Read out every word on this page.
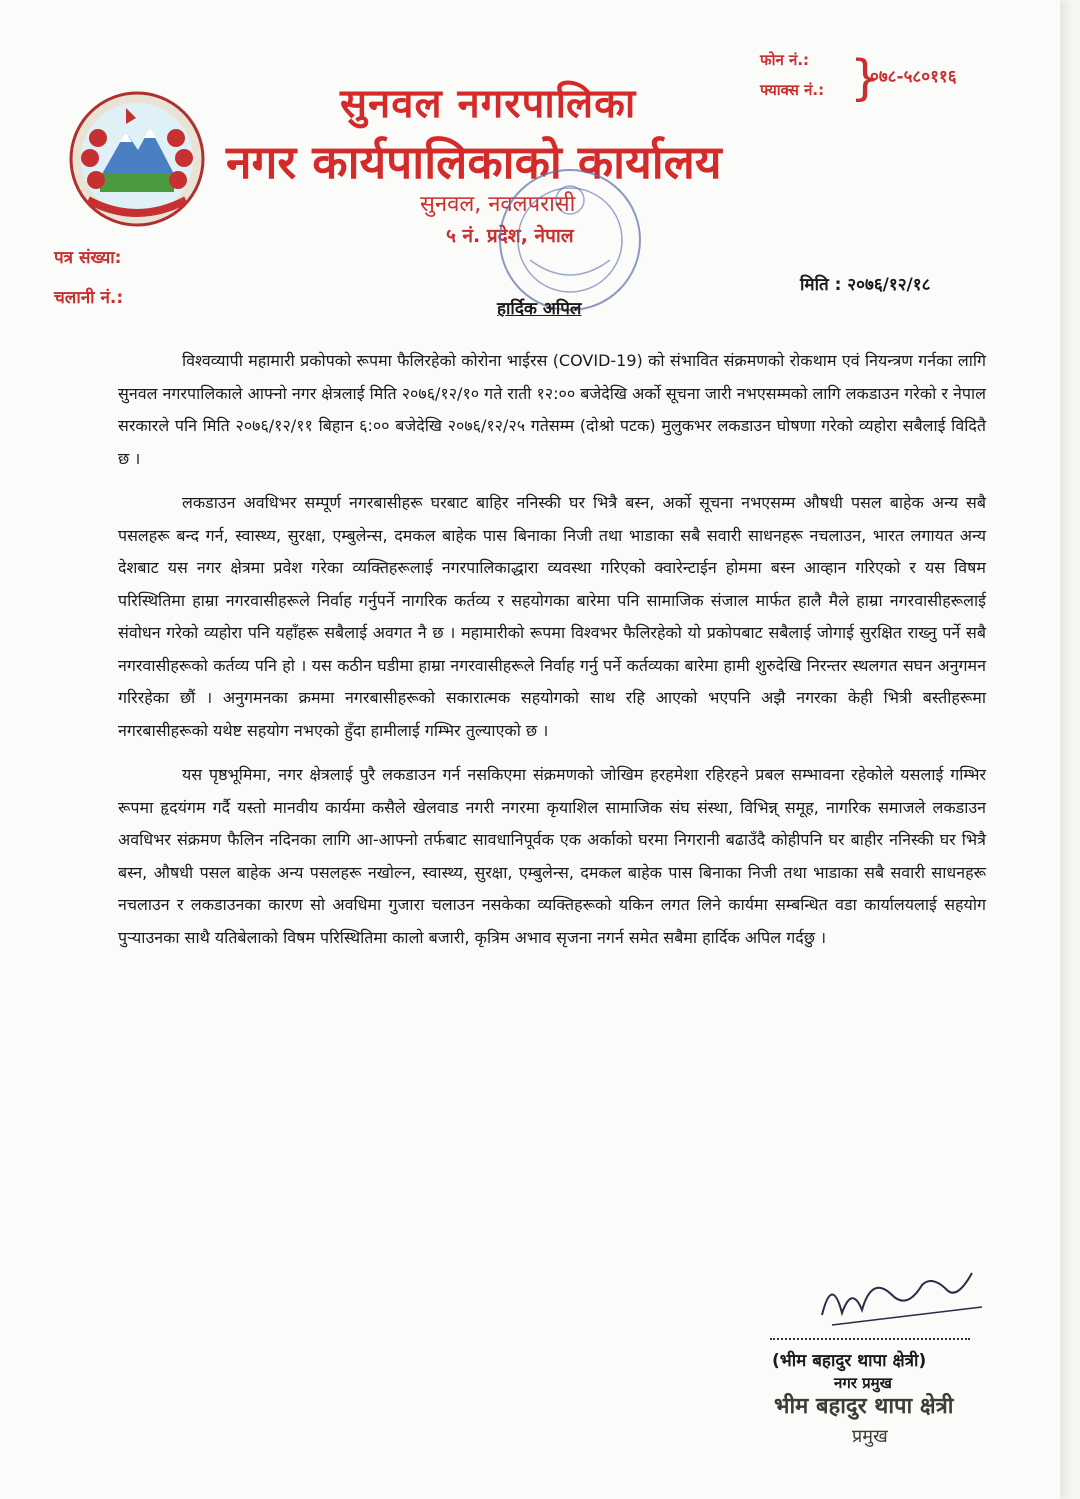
सुनवल नगरपालिका
नगर कार्यपालिकाको कार्यालय
सुनवल, नवलपरासी
५ नं. प्रदेश, नेपाल
फोन नं.:
फ्याक्स नं.: }
०७८-५८०११६
पत्र संख्या:
चलानी नं.:
मिति : २०७६/१२/१८
हार्दिक अपिल

विश्वव्यापी महामारी प्रकोपको रूपमा फैलिरहेको कोरोना भाईरस (COVID-19) को संभावित संक्रमणको रोकथाम एवं नियन्त्रण गर्नका लागि सुनवल नगरपालिकाले आफ्नो नगर क्षेत्रलाई मिति २०७६/१२/१० गते राती १२:०० बजेदेखि अर्को सूचना जारी नभएसम्मको लागि लकडाउन गरेको र नेपाल सरकारले पनि मिति २०७६/१२/११ बिहान ६:०० बजेदेखि २०७६/१२/२५ गतेसम्म (दोश्रो पटक) मुलुकभर लकडाउन घोषणा गरेको व्यहोरा सबैलाई विदितै छ ।

लकडाउन अवधिभर सम्पूर्ण नगरबासीहरू घरबाट बाहिर ननिस्की घर भित्रै बस्न, अर्को सूचना नभएसम्म औषधी पसल बाहेक अन्य सबै पसलहरू बन्द गर्न, स्वास्थ्य, सुरक्षा, एम्बुलेन्स, दमकल बाहेक पास बिनाका निजी तथा भाडाका सबै सवारी साधनहरू नचलाउन, भारत लगायत अन्य देशबाट यस नगर क्षेत्रमा प्रवेश गरेका व्यक्तिहरूलाई नगरपालिकाद्धारा व्यवस्था गरिएको क्वारेन्टाईन होममा बस्न आव्हान गरिएको र यस विषम परिस्थितिमा हाम्रा नगरवासीहरूले निर्वाह गर्नुपर्ने नागरिक कर्तव्य र सहयोगका बारेमा पनि सामाजिक संजाल मार्फत हालै मैले हाम्रा नगरवासीहरूलाई संवोधन गरेको व्यहोरा पनि यहाँहरू सबैलाई अवगत नै छ । महामारीको रूपमा विश्वभर फैलिरहेको यो प्रकोपबाट सबैलाई जोगाई सुरक्षित राख्नु पर्ने सबै नगरवासीहरूको कर्तव्य पनि हो । यस कठीन घडीमा हाम्रा नगरवासीहरूले निर्वाह गर्नु पर्ने कर्तव्यका बारेमा हामी शुरुदेखि निरन्तर स्थलगत सघन अनुगमन गरिरहेका छौं । अनुगमनका क्रममा नगरबासीहरूको सकारात्मक सहयोगको साथ रहि आएको भएपनि अझै नगरका केही भित्री बस्तीहरूमा नगरबासीहरूको यथेष्ट सहयोग नभएको हुँदा हामीलाई गम्भिर तुल्याएको छ ।

यस पृष्ठभूमिमा, नगर क्षेत्रलाई पुरै लकडाउन गर्न नसकिएमा संक्रमणको जोखिम हरहमेशा रहिरहने प्रबल सम्भावना रहेकोले यसलाई गम्भिर रूपमा हृदयंगम गर्दै यस्तो मानवीय कार्यमा कसैले खेलवाड नगरी नगरमा कृयाशिल सामाजिक संघ संस्था, विभिन्न् समूह, नागरिक समाजले लकडाउन अवधिभर संक्रमण फैलिन नदिनका लागि आ-आफ्नो तर्फबाट सावधानिपूर्वक एक अर्काको घरमा निगरानी बढाउँदै कोहीपनि घर बाहीर ननिस्की घर भित्रै बस्न, औषधी पसल बाहेक अन्य पसलहरू नखोल्न, स्वास्थ्य, सुरक्षा, एम्बुलेन्स, दमकल बाहेक पास बिनाका निजी तथा भाडाका सबै सवारी साधनहरू नचलाउन र लकडाउनका कारण सो अवधिमा गुजारा चलाउन नसकेका व्यक्तिहरूको यकिन लगत लिने कार्यमा सम्बन्धित वडा कार्यालयलाई सहयोग पुर्‍याउनका साथै यतिबेलाको विषम परिस्थितिमा कालो बजारी, कृत्रिम अभाव सृजना नगर्न समेत सबैमा हार्दिक अपिल गर्दछु ।

(भीम बहादुर थापा क्षेत्री)
नगर प्रमुख
भीम बहादुर थापा क्षेत्री
प्रमुख
